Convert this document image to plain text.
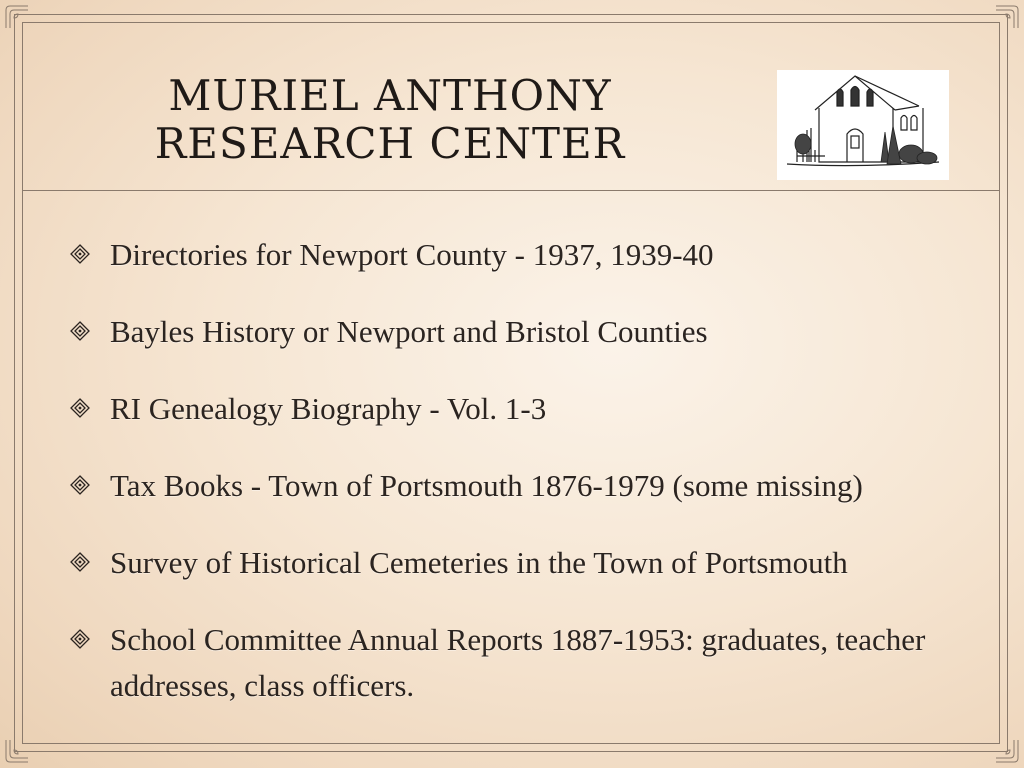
MURIEL ANTHONY
RESEARCH CENTER
Directories for Newport County - 1937, 1939-40
Bayles History or Newport and Bristol Counties
RI Genealogy Biography - Vol. 1-3
Tax Books - Town of Portsmouth 1876-1979 (some missing)
Survey of Historical Cemeteries in the Town of Portsmouth
School Committee Annual Reports 1887-1953: graduates, teacher addresses, class officers.
